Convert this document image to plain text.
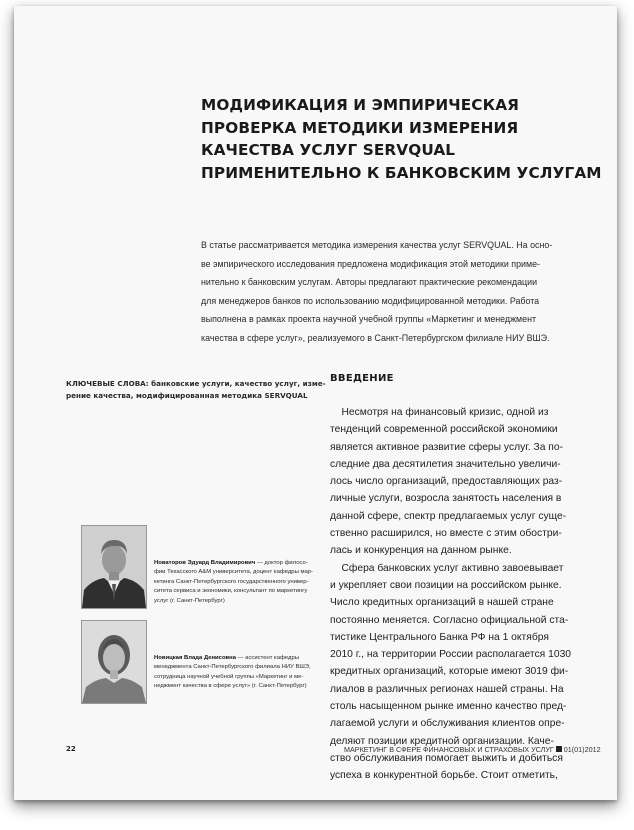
МОДИФИКАЦИЯ И ЭМПИРИЧЕСКАЯ
ПРОВЕРКА МЕТОДИКИ ИЗМЕРЕНИЯ
КАЧЕСТВА УСЛУГ SERVQUAL
ПРИМЕНИТЕЛЬНО К БАНКОВСКИМ УСЛУГАМ
В статье рассматривается методика измерения качества услуг SERVQUAL. На осно-
ве эмпирического исследования предложена модификация этой методики приме-
нительно к банковским услугам. Авторы предлагают практические рекомендации
для менеджеров банков по использованию модифицированной методики. Работа
выполнена в рамках проекта научной учебной группы «Маркетинг и менеджмент
качества в сфере услуг», реализуемого в Санкт-Петербургском филиале НИУ ВШЭ.
КЛЮЧЕВЫЕ СЛОВА: банковские услуги, качество услуг, изме-
рение качества, модифицированная методика SERVQUAL
ВВЕДЕНИЕ
Несмотря на финансовый кризис, одной из
тенденций современной российской экономики
является активное развитие сферы услуг. За по-
следние два десятилетия значительно увеличи-
лось число организаций, предоставляющих раз-
личные услуги, возросла занятость населения в
данной сфере, спектр предлагаемых услуг суще-
ственно расширился, но вместе с этим обостри-
лась и конкуренция на данном рынке.
Сфера банковских услуг активно завоевывает
и укрепляет свои позиции на российском рынке.
Число кредитных организаций в нашей стране
постоянно меняется. Согласно официальной ста-
тистике Центрального Банка РФ на 1 октября
2010 г., на территории России располагается 1030
кредитных организаций, которые имеют 3019 фи-
лиалов в различных регионах нашей страны. На
столь насыщенном рынке именно качество пред-
лагаемой услуги и обслуживания клиентов опре-
деляют позиции кредитной организации. Каче-
ство обслуживания помогает выжить и добиться
успеха в конкурентной борьбе. Стоит отметить,
Новаторов Эдуард Владимирович — доктор филосо-
фии Техасского A&M университета, доцент кафедры мар-
кетинга Санкт-Петербургского государственного универ-
ситета сервиса и экономики, консультант по маркетингу
услуг (г. Санкт-Петербург)
Новицкая Влада Денисовна — ассистент кафедры
менеджмента Санкт-Петербургского филиала НИУ ВШЭ,
сотрудница научной учебной группы «Маркетинг и ме-
неджмент качества в сфере услуг» (г. Санкт-Петербург)
22	МАРКЕТИНГ В СФЕРЕ ФИНАНСОВЫХ И СТРАХОВЫХ УСЛУГ 01(01)2012
